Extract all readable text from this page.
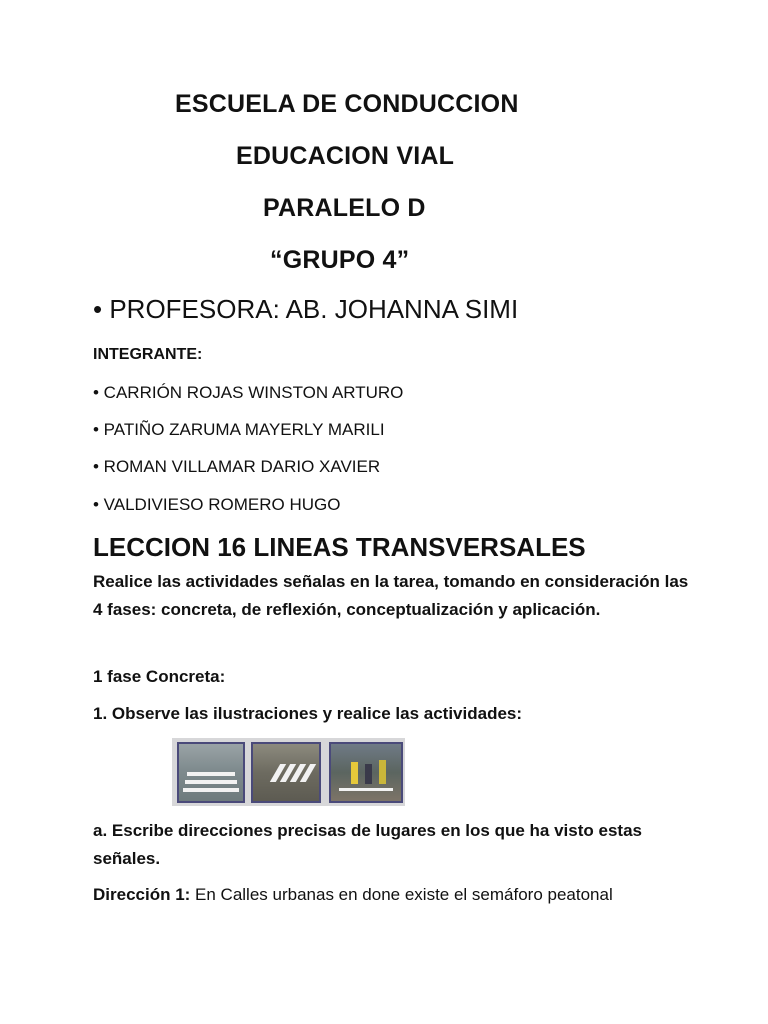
ESCUELA DE CONDUCCION
EDUCACION VIAL
PARALELO D
“GRUPO 4”
• PROFESORA: AB. JOHANNA SIMI
INTEGRANTE:
• CARRIÓN ROJAS WINSTON ARTURO
• PATIÑO ZARUMA MAYERLY MARILI
• ROMAN VILLAMAR DARIO XAVIER
• VALDIVIESO ROMERO HUGO
LECCION 16 LINEAS TRANSVERSALES
Realice las actividades señalas en la tarea, tomando en consideración las 4 fases: concreta, de reflexión, conceptualización y aplicación.
1 fase Concreta:
1. Observe las ilustraciones y realice las actividades:
a. Escribe direcciones precisas de lugares en los que ha visto estas señales.
Dirección 1: En Calles urbanas en done existe el semáforo peatonal
